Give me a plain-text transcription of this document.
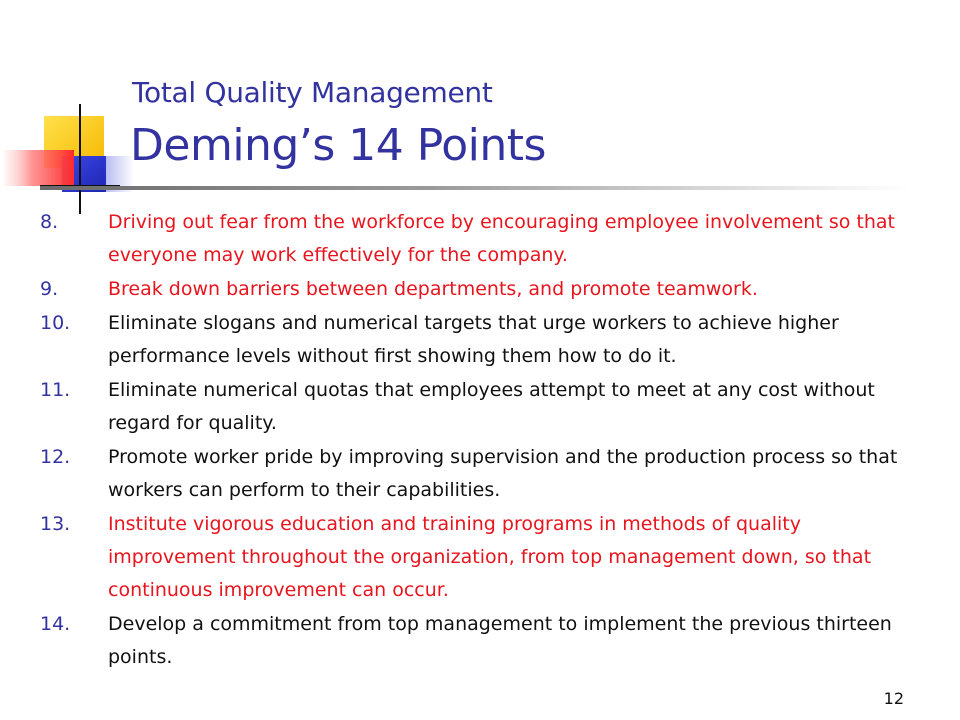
Total Quality Management
Deming’s 14 Points
8.	Driving out fear from the workforce by encouraging employee involvement so that everyone may work effectively for the company.
9.	Break down barriers between departments, and promote teamwork.
10. Eliminate slogans and numerical targets that urge workers to achieve higher performance levels without first showing them how to do it.
11. Eliminate numerical quotas that employees attempt to meet at any cost without regard for quality.
12. Promote worker pride by improving supervision and the production process so that workers can perform to their capabilities.
13. Institute vigorous education and training programs in methods of quality improvement throughout the organization, from top management down, so that continuous improvement can occur.
14. Develop a commitment from top management to implement the previous thirteen points.
12
